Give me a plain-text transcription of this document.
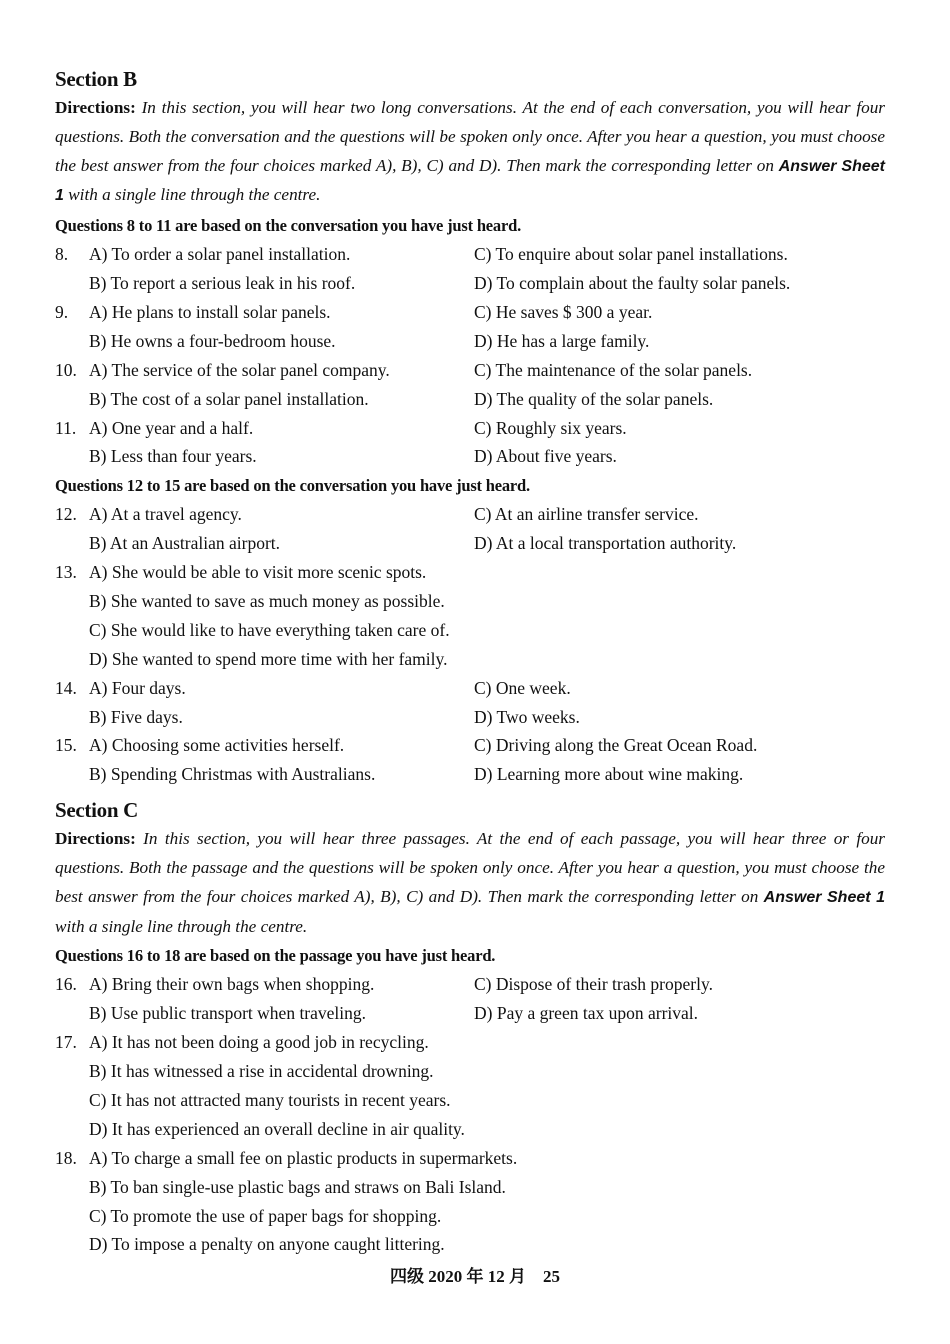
Section B
Directions: In this section, you will hear two long conversations. At the end of each conversation, you will hear four questions. Both the conversation and the questions will be spoken only once. After you hear a question, you must choose the best answer from the four choices marked A), B), C) and D). Then mark the corresponding letter on Answer Sheet 1 with a single line through the centre.
Questions 8 to 11 are based on the conversation you have just heard.
8.	A) To order a solar panel installation.	C) To enquire about solar panel installations.
B) To report a serious leak in his roof.	D) To complain about the faulty solar panels.
9.	A) He plans to install solar panels.	C) He saves $ 300 a year.
B) He owns a four-bedroom house.	D) He has a large family.
10. A) The service of the solar panel company.	C) The maintenance of the solar panels.
B) The cost of a solar panel installation.	D) The quality of the solar panels.
11. A) One year and a half.	C) Roughly six years.
B) Less than four years.	D) About five years.
Questions 12 to 15 are based on the conversation you have just heard.
12. A) At a travel agency.	C) At an airline transfer service.
B) At an Australian airport.	D) At a local transportation authority.
13. A) She would be able to visit more scenic spots.
B) She wanted to save as much money as possible.
C) She would like to have everything taken care of.
D) She wanted to spend more time with her family.
14. A) Four days.	C) One week.
B) Five days.	D) Two weeks.
15. A) Choosing some activities herself.	C) Driving along the Great Ocean Road.
B) Spending Christmas with Australians.	D) Learning more about wine making.
Section C
Directions: In this section, you will hear three passages. At the end of each passage, you will hear three or four questions. Both the passage and the questions will be spoken only once. After you hear a question, you must choose the best answer from the four choices marked A), B), C) and D). Then mark the corresponding letter on Answer Sheet 1 with a single line through the centre.
Questions 16 to 18 are based on the passage you have just heard.
16. A) Bring their own bags when shopping.	C) Dispose of their trash properly.
B) Use public transport when traveling.	D) Pay a green tax upon arrival.
17. A) It has not been doing a good job in recycling.
B) It has witnessed a rise in accidental drowning.
C) It has not attracted many tourists in recent years.
D) It has experienced an overall decline in air quality.
18. A) To charge a small fee on plastic products in supermarkets.
B) To ban single-use plastic bags and straws on Bali Island.
C) To promote the use of paper bags for shopping.
D) To impose a penalty on anyone caught littering.
四级 2020 年 12 月　25
